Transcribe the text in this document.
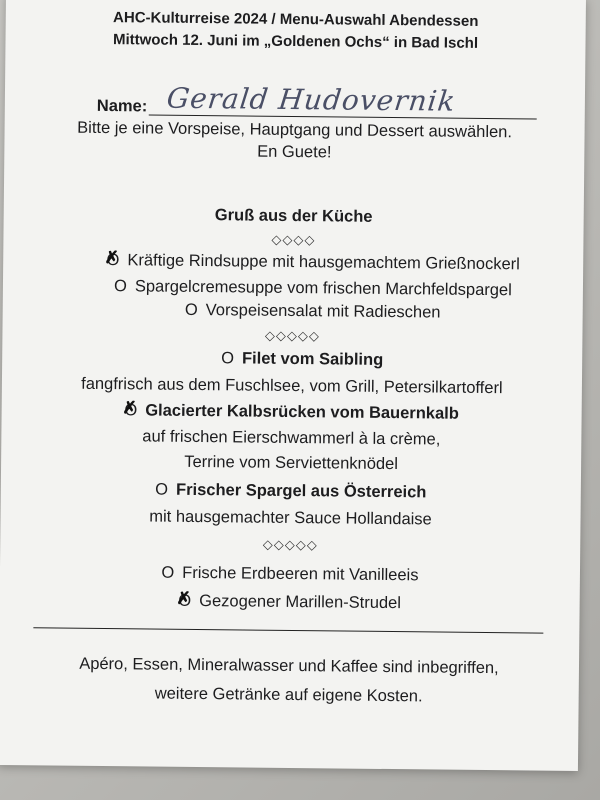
AHC-Kulturreise 2024 / Menu-Auswahl Abendessen
Mittwoch 12. Juni im „Goldenen Ochs“ in Bad Ischl
Name: Gerald Hudovernik
Bitte je eine Vorspeise, Hauptgang und Dessert auswählen.
En Guete!
Gruß aus der Küche
◇◇◇◇
O ✗Kräftige Rindsuppe mit hausgemachtem Grießnockerl
OSpargelcremesuppe vom frischen Marchfeldspargel
OVorspeisensalat mit Radieschen
◇◇◇◇◇
OFilet vom Saibling
fangfrisch aus dem Fuschlsee, vom Grill, Petersilkartofferl
O ✗Glacierter Kalbsrücken vom Bauernkalb
auf frischen Eierschwammerl à la crème,
Terrine vom Serviettenknödel
OFrischer Spargel aus Österreich
mit hausgemachter Sauce Hollandaise
◇◇◇◇◇
OFrische Erdbeeren mit Vanilleeis
O ✗Gezogener Marillen-Strudel
Apéro, Essen, Mineralwasser und Kaffee sind inbegriffen,
weitere Getränke auf eigene Kosten.
